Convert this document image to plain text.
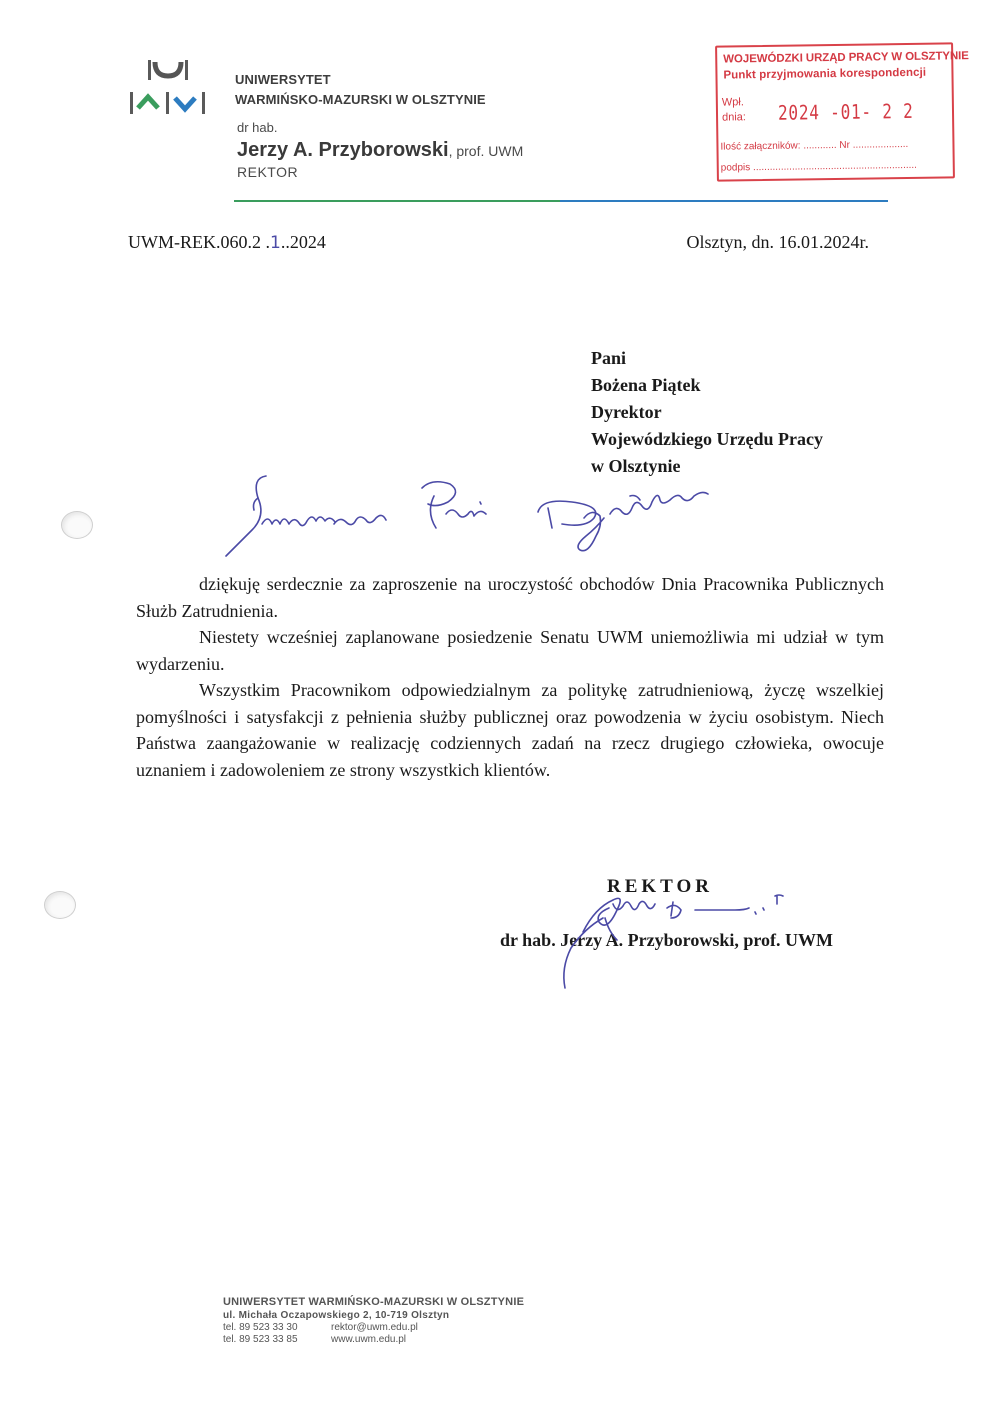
UNIWERSYTET
WARMIŃSKO-MAZURSKI W OLSZTYNIE
dr hab.
Jerzy A. Przyborowski, prof. UWM
REKTOR
WOJEWÓDZKI URZĄD PRACY W OLSZTYNIE
Punkt przyjmowania korespondencji
Wpł.
dnia: 2024 -01- 2 2
Ilość załączników: ............ Nr ....................
podpis ...........................................................
UWM-REK.060.2 .1..2024	Olsztyn, dn. 16.01.2024r.
Pani
Bożena Piątek
Dyrektor
Wojewódzkiego Urzędu Pracy
w Olsztynie

dziękuję serdecznie za zaproszenie na uroczystość obchodów Dnia Pracownika Publicznych Służb Zatrudnienia.

Niestety wcześniej zaplanowane posiedzenie Senatu UWM uniemożliwia mi udział w tym wydarzeniu.

Wszystkim Pracownikom odpowiedzialnym za politykę zatrudnieniową, życzę wszelkiej pomyślności i satysfakcji z pełnienia służby publicznej oraz powodzenia w życiu osobistym. Niech Państwa zaangażowanie w realizację codziennych zadań na rzecz drugiego człowieka, owocuje uznaniem i zadowoleniem ze strony wszystkich klientów.

REKTOR
dr hab. Jerzy A. Przyborowski, prof. UWM
UNIWERSYTET WARMIŃSKO-MAZURSKI W OLSZTYNIE
ul. Michała Oczapowskiego 2, 10-719 Olsztyn
tel. 89 523 33 30	rektor@uwm.edu.pl
tel. 89 523 33 85	www.uwm.edu.pl
